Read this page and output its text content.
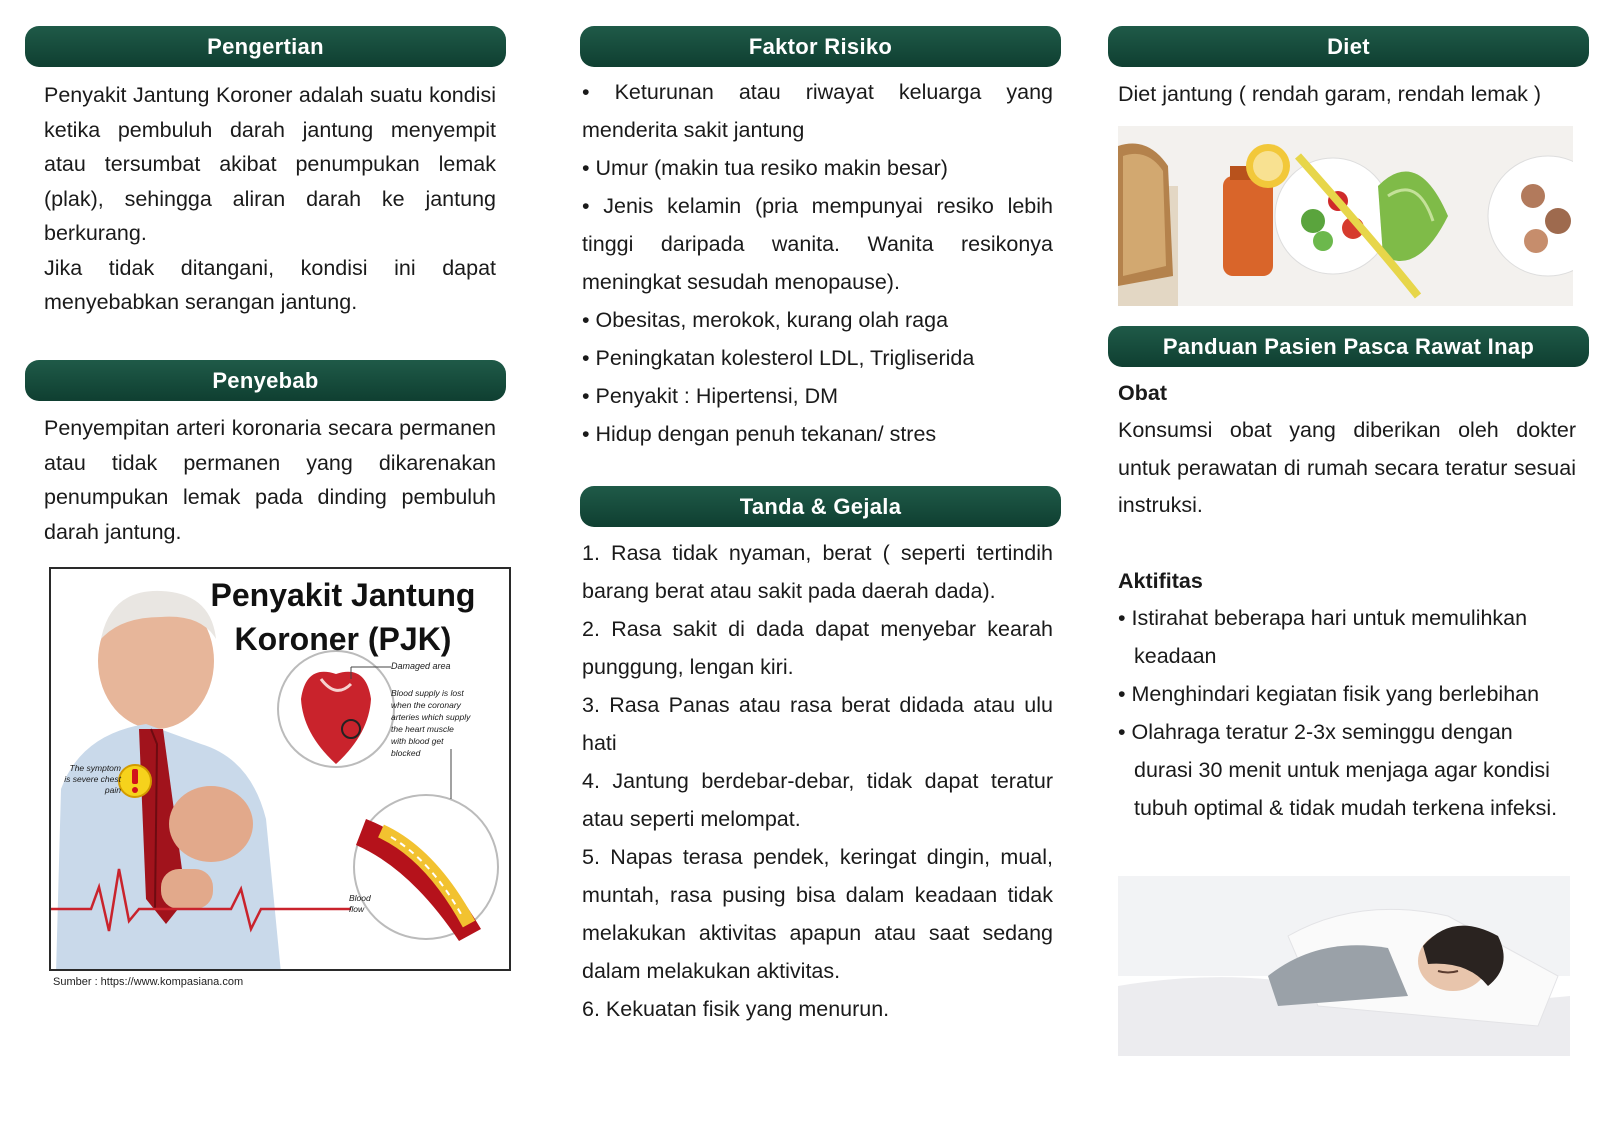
Pengertian

Penyakit Jantung Koroner adalah suatu kondisi ketika pembuluh darah jantung menyempit atau tersumbat akibat penumpukan lemak (plak), sehingga aliran darah ke jantung berkurang.

Jika tidak ditangani, kondisi ini dapat menyebabkan serangan jantung.

Penyebab

Penyempitan arteri koronaria secara permanen atau tidak permanen yang dikarenakan penumpukan lemak pada dinding pembuluh darah jantung.

Penyakit Jantung
Koroner (PJK)
Damaged area
Blood supply is lost when the coronary arteries which supply the heart muscle with blood get blocked
The symptom is severe chest pain
Blood flow
Sumber : https://www.kompasiana.com
Faktor Risiko
• Keturunan atau riwayat keluarga yang menderita sakit jantung
• Umur (makin tua resiko makin besar)
• Jenis kelamin (pria mempunyai resiko lebih tinggi daripada wanita. Wanita resikonya meningkat sesudah menopause).
• Obesitas, merokok, kurang olah raga
• Peningkatan kolesterol LDL, Trigliserida
• Penyakit : Hipertensi, DM
• Hidup dengan penuh tekanan/ stres
Tanda & Gejala
1. Rasa tidak nyaman, berat ( seperti tertindih barang berat atau sakit pada daerah dada).
2. Rasa sakit di dada dapat menyebar kearah punggung, lengan kiri.
3. Rasa Panas atau rasa berat didada atau ulu hati
4. Jantung berdebar-debar, tidak dapat teratur atau seperti melompat.
5. Napas terasa pendek, keringat dingin, mual, muntah, rasa pusing bisa dalam keadaan tidak melakukan aktivitas apapun atau saat sedang dalam melakukan aktivitas.
6. Kekuatan fisik yang menurun.
Diet

Diet jantung ( rendah garam, rendah lemak )

Panduan Pasien Pasca Rawat Inap
Obat

Konsumsi obat yang diberikan oleh dokter untuk perawatan di rumah secara teratur sesuai instruksi.

Aktifitas
• Istirahat beberapa hari untuk memulihkan keadaan
• Menghindari kegiatan fisik yang berlebihan
• Olahraga teratur 2-3x seminggu dengan durasi 30 menit untuk menjaga agar kondisi tubuh optimal & tidak mudah terkena infeksi.
